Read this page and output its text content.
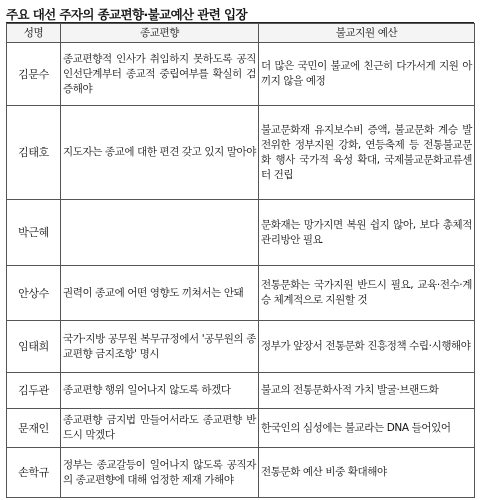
주요 대선 주자의 종교편향·불교예산 관련 입장
성명	종교편향	불교지원 예산
김문수	종교편향적 인사가 취임하지 못하도록 공직 인선단계부터 종교적 중립여부를 확실히 검증해야	더 많은 국민이 불교에 친근히 다가서게 지원 아끼지 않을 예정
김태호	지도자는 종교에 대한 편견 갖고 있지 말아야	불교문화재 유지보수비 증액, 불교문화 계승 발전위한 정부지원 강화, 연등축제 등 전통불교문화 행사 국가적 육성 확대, 국제불교문화교류센터 건립
박근혜		문화재는 망가지면 복원 쉽지 않아, 보다 총체적 관리방안 필요
안상수	권력이 종교에 어떤 영향도 끼쳐서는 안돼	전통문화는 국가지원 반드시 필요, 교육·전수·계승 체계적으로 지원할 것
임태희	국가·지방 공무원 복무규정에서 '공무원의 종교편향 금지조항' 명시	정부가 앞장서 전통문화 진흥정책 수립·시행해야
김두관	종교편향 행위 일어나지 않도록 하겠다	불교의 전통문화사적 가치 발굴·브랜드화
문재인	종교편향 금지법 만들어서라도 종교편향 반드시 막겠다	한국인의 심성에는 불교라는 DNA 들어있어
손학규	정부는 종교갈등이 일어나지 않도록 공직자의 종교편향에 대해 엄정한 제재 가해야	전통문화 예산 비중 확대해야
